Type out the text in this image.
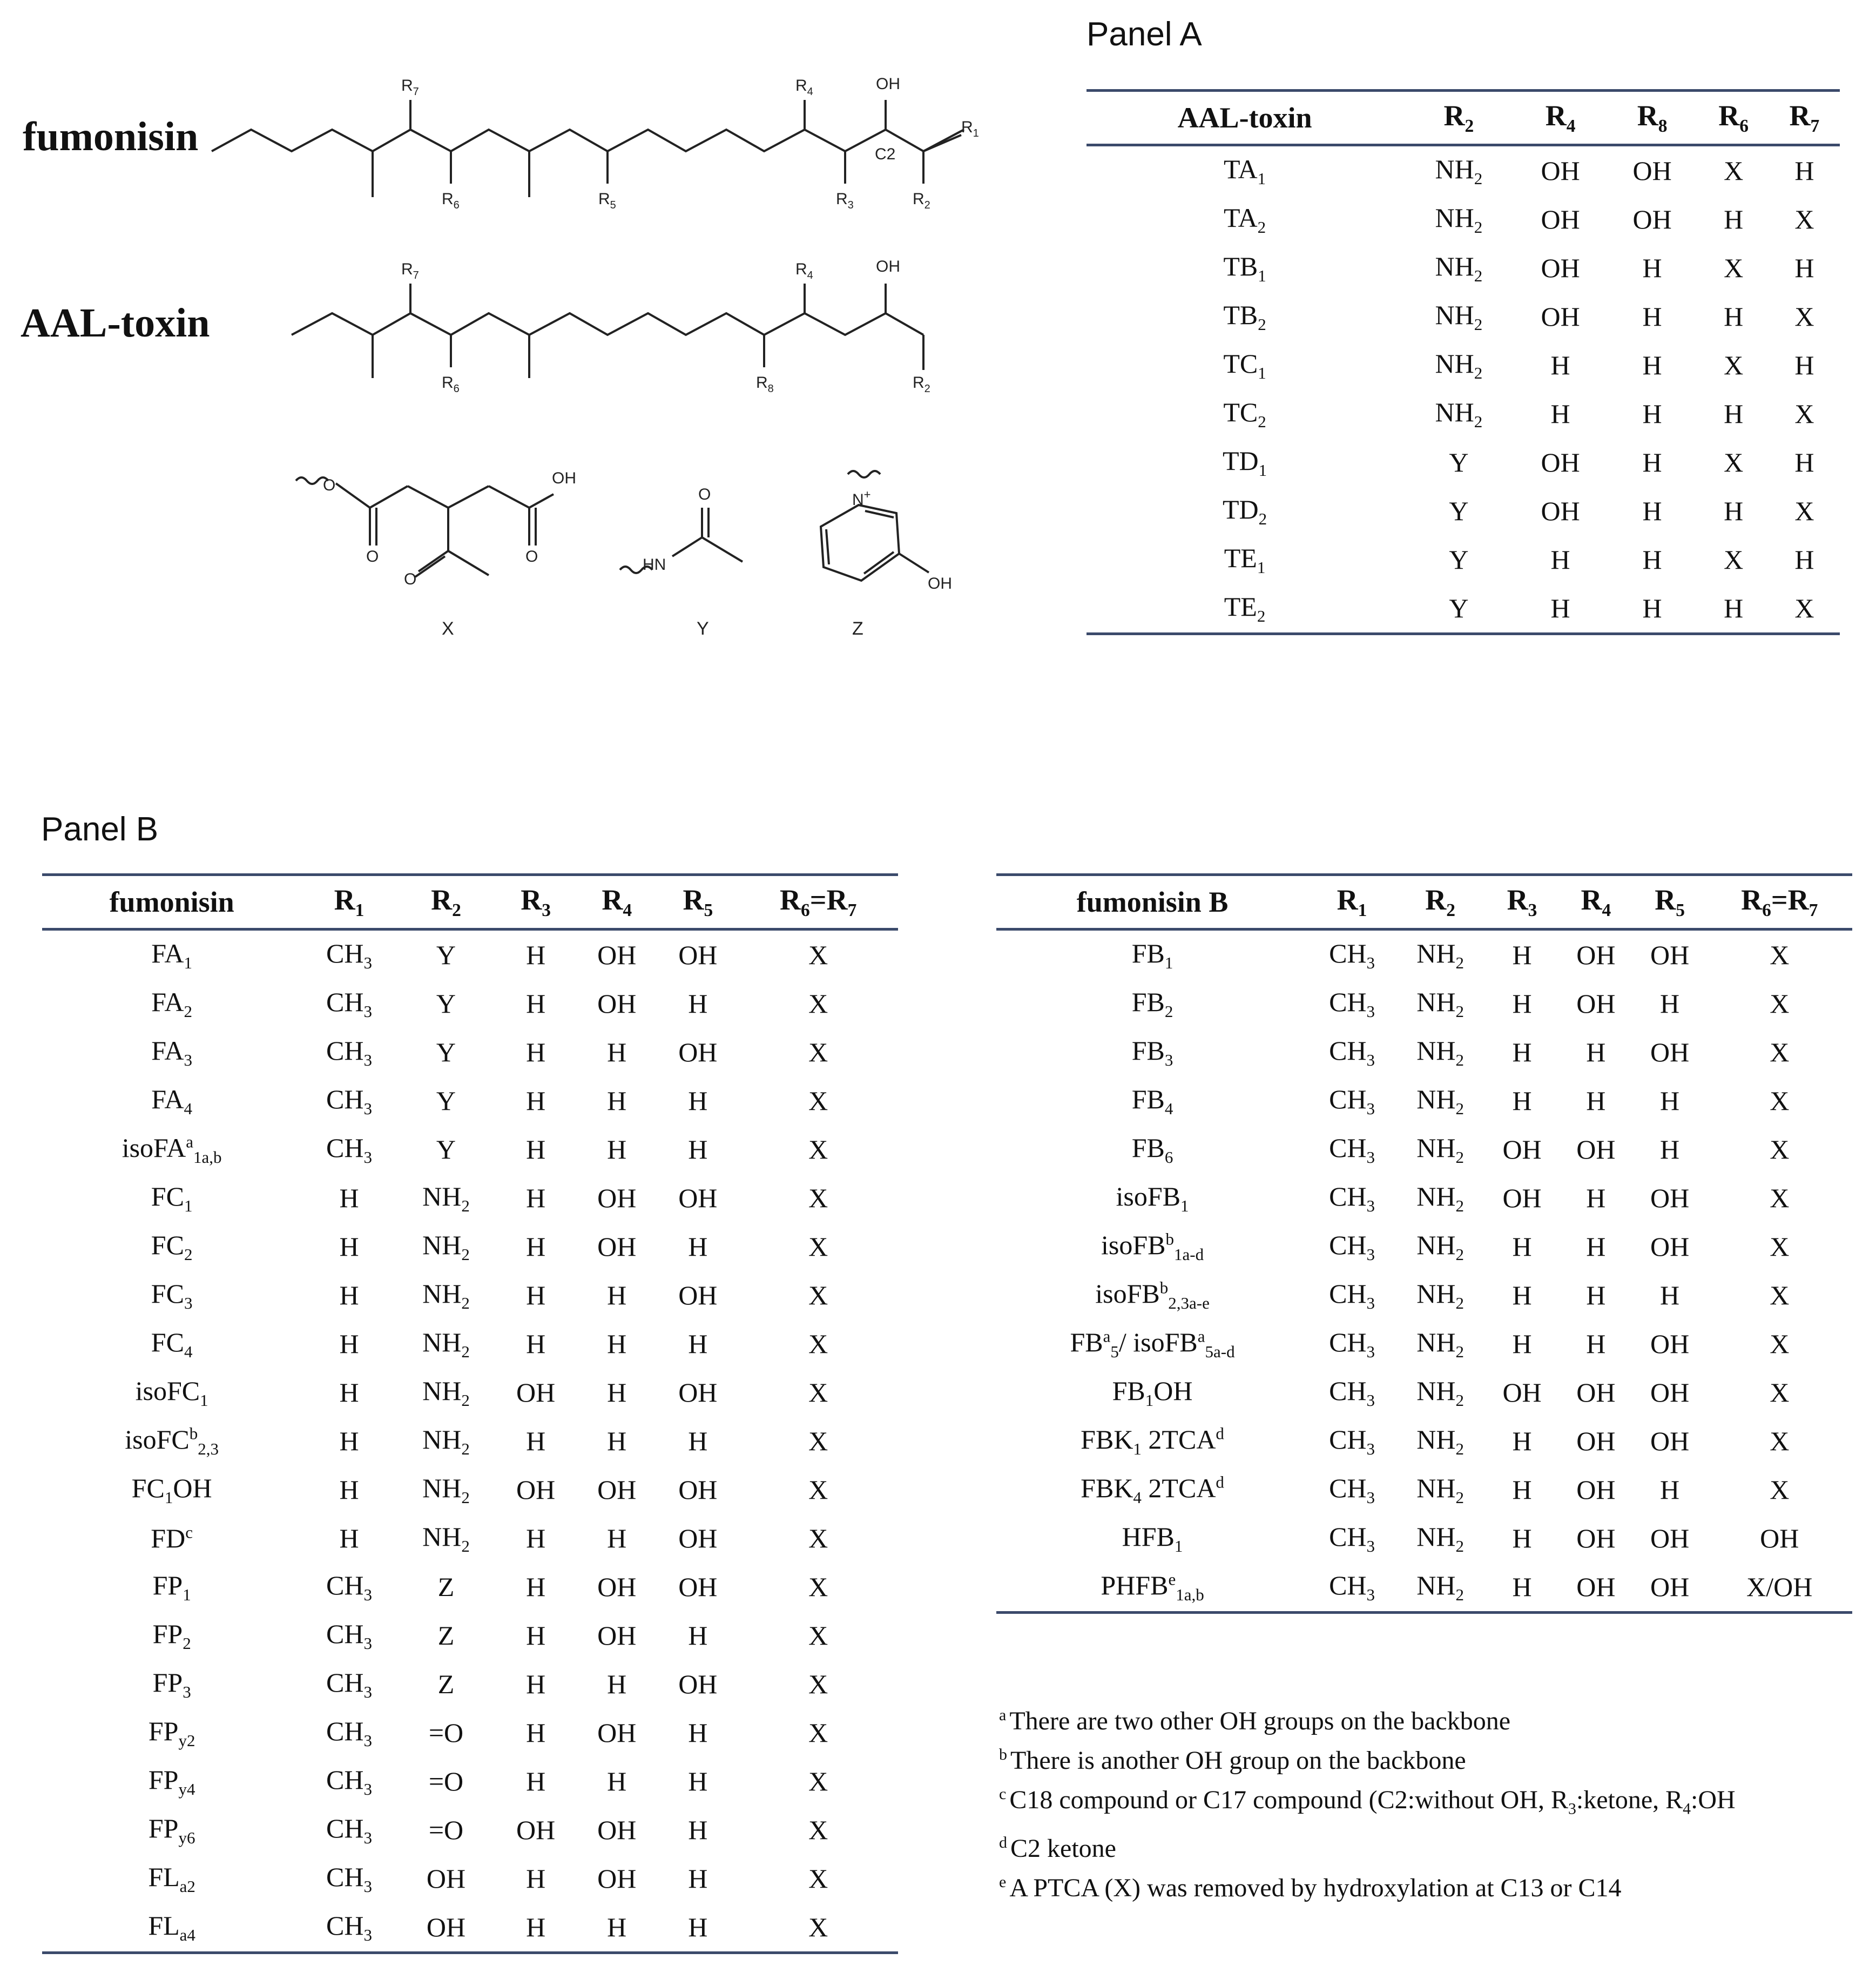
fumonisin
AAL-toxin
Panel A
Panel B
$R_7$
$R_6$	$R_5$
$R_4$
$R_3$	$R_2$
$R_1$
OH
C2
$R_7$
$R_6$
$R_4$
$R_8$	$R_2$
OH
O	OH
O	O
O
X
O
HN
Y
N+
OH
Z
AAL-toxin	$R_2$	$R_4$	$R_8$	$R_6$	$R_7$
$TA_1$	$NH_2$	OH	OH	X	H
$TA_2$	$NH_2$	OH	OH	H	X
$TB_1$	$NH_2$	OH	H	X	H
$TB_2$	$NH_2$	OH	H	H	X
$TC_1$	$NH_2$	H	H	X	H
$TC_2$	$NH_2$	H	H	H	X
$TD_1$	Y	OH	H	X	H
$TD_2$	Y	OH	H	H	X
$TE_1$	Y	H	H	X	H
$TE_2$	Y	H	H	H	X
fumonisin	$R_1$	$R_2$	$R_3$	$R_4$	$R_5$	$R_6=R_7$
$FA_1$	$CH_3$	Y	H	OH	OH	X
$FA_2$	$CH_3$	Y	H	OH	H	X
$FA_3$	$CH_3$	Y	H	H	OH	X
$FA_4$	$CH_3$	Y	H	H	H	X
isoFA$^a_{1a,b}$	$CH_3$	Y	H	H	H	X
$FC_1$	H	$NH_2$	H	OH	OH	X
$FC_2$	H	$NH_2$	H	OH	H	X
$FC_3$	H	$NH_2$	H	H	OH	X
$FC_4$	H	$NH_2$	H	H	H	X
isoFC$_1$	H	$NH_2$	OH	H	OH	X
isoFC$^b_{2,3}$	H	$NH_2$	H	H	H	X
$FC_1OH$	H	$NH_2$	OH	OH	OH	X
$FD^c$	H	$NH_2$	H	H	OH	X
$FP_1$	$CH_3$	Z	H	OH	OH	X
$FP_2$	$CH_3$	Z	H	OH	H	X
$FP_3$	$CH_3$	Z	H	H	OH	X
$FP_{y2}$	$CH_3$	=O	H	OH	H	X
$FP_{y4}$	$CH_3$	=O	H	H	H	X
$FP_{y6}$	$CH_3$	=O	OH	OH	H	X
$FL_{a2}$	$CH_3$	OH	H	OH	H	X
$FL_{a4}$	$CH_3$	OH	H	H	H	X
fumonisin B	$R_1$	$R_2$	$R_3$	$R_4$	$R_5$	$R_6=R_7$
$FB_1$	$CH_3$	$NH_2$	H	OH	OH	X
$FB_2$	$CH_3$	$NH_2$	H	OH	H	X
$FB_3$	$CH_3$	$NH_2$	H	H	OH	X
$FB_4$	$CH_3$	$NH_2$	H	H	H	X
$FB_6$	$CH_3$	$NH_2$	OH	OH	H	X
isoFB$_1$	$CH_3$	$NH_2$	OH	H	OH	X
isoFB$^b_{1a-d}$	$CH_3$	$NH_2$	H	H	OH	X
isoFB$^b_{2,3a-e}$	$CH_3$	$NH_2$	H	H	H	X
$FB^a_5/$ isoFB$^a_{5a-d}$	$CH_3$	$NH_2$	H	H	OH	X
$FB_1OH$	$CH_3$	$NH_2$	OH	OH	OH	X
$FBK_1$ 2TCA$^d$	$CH_3$	$NH_2$	H	OH	OH	X
$FBK_4$ 2TCA$^d$	$CH_3$	$NH_2$	H	OH	H	X
$HFB_1$	$CH_3$	$NH_2$	H	OH	OH	OH
$PHFB^e_{1a,b}$	$CH_3$	$NH_2$	H	OH	OH	X/OH
$^a$ There are two other OH groups on the backbone
$^b$ There is another OH group on the backbone
$^c$ C18 compound or C17 compound (C2:without OH, $R_3:ketone$, $R_4:OH$
$^d$ C2 ketone
$^e$ A PTCA (X) was removed by hydroxylation at C13 or C14
